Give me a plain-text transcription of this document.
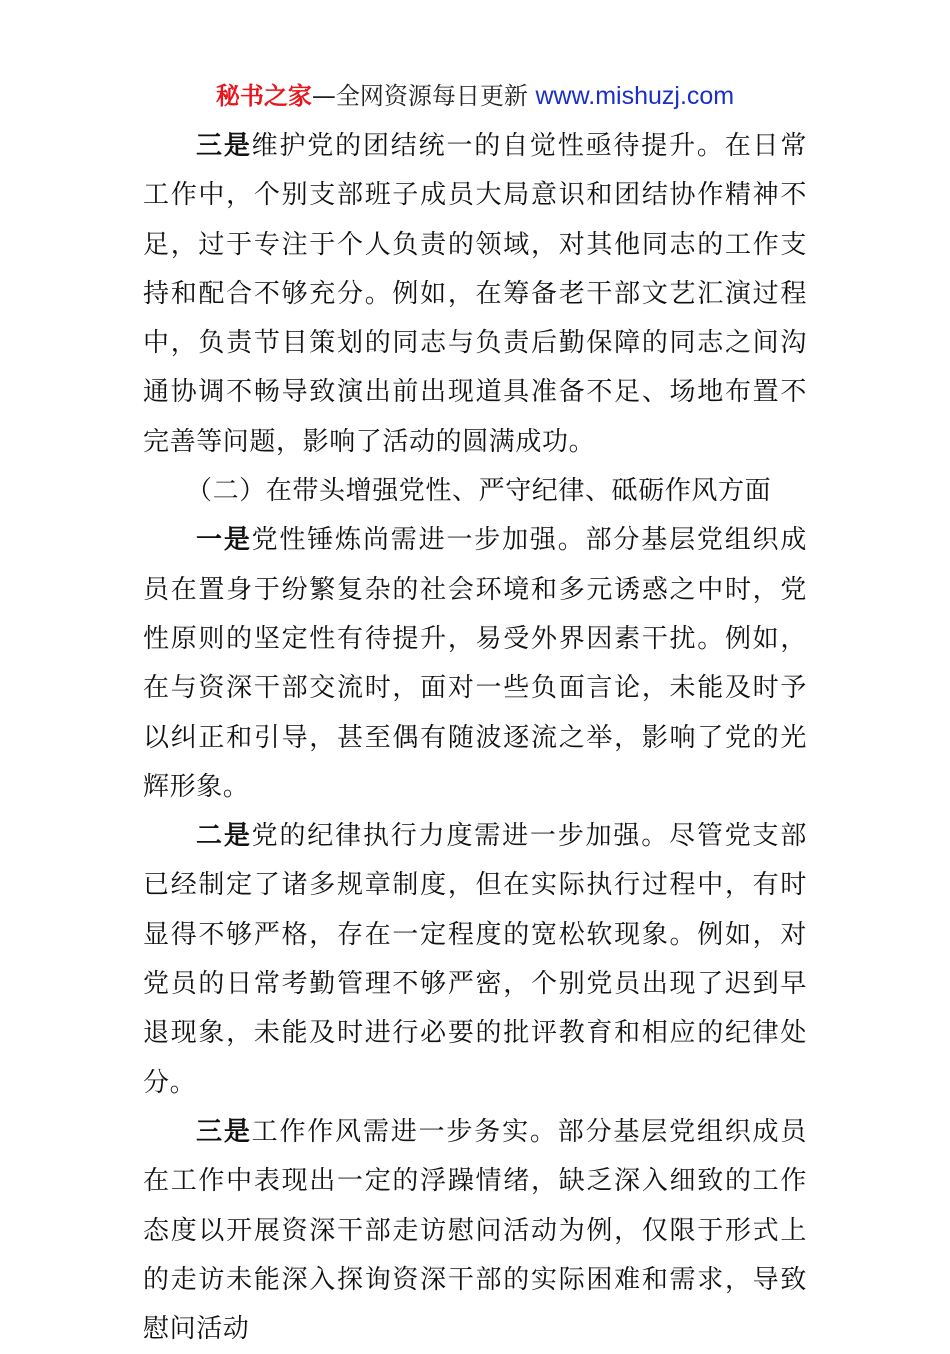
秘书之家—全网资源每日更新 www.mishuzj.com

三是维护党的团结统一的自觉性亟待提升。在日常工作中，个别支部班子成员大局意识和团结协作精神不足，过于专注于个人负责的领域，对其他同志的工作支持和配合不够充分。例如，在筹备老干部文艺汇演过程中，负责节目策划的同志与负责后勤保障的同志之间沟通协调不畅导致演出前出现道具准备不足、场地布置不完善等问题，影响了活动的圆满成功。

（二）在带头增强党性、严守纪律、砥砺作风方面

一是党性锤炼尚需进一步加强。部分基层党组织成员在置身于纷繁复杂的社会环境和多元诱惑之中时，党性原则的坚定性有待提升，易受外界因素干扰。例如，在与资深干部交流时，面对一些负面言论，未能及时予以纠正和引导，甚至偶有随波逐流之举，影响了党的光辉形象。

二是党的纪律执行力度需进一步加强。尽管党支部已经制定了诸多规章制度，但在实际执行过程中，有时显得不够严格，存在一定程度的宽松软现象。例如，对党员的日常考勤管理不够严密，个别党员出现了迟到早退现象，未能及时进行必要的批评教育和相应的纪律处分。

三是工作作风需进一步务实。部分基层党组织成员在工作中表现出一定的浮躁情绪，缺乏深入细致的工作态度以开展资深干部走访慰问活动为例，仅限于形式上的走访未能深入探询资深干部的实际困难和需求，导致慰问活动
